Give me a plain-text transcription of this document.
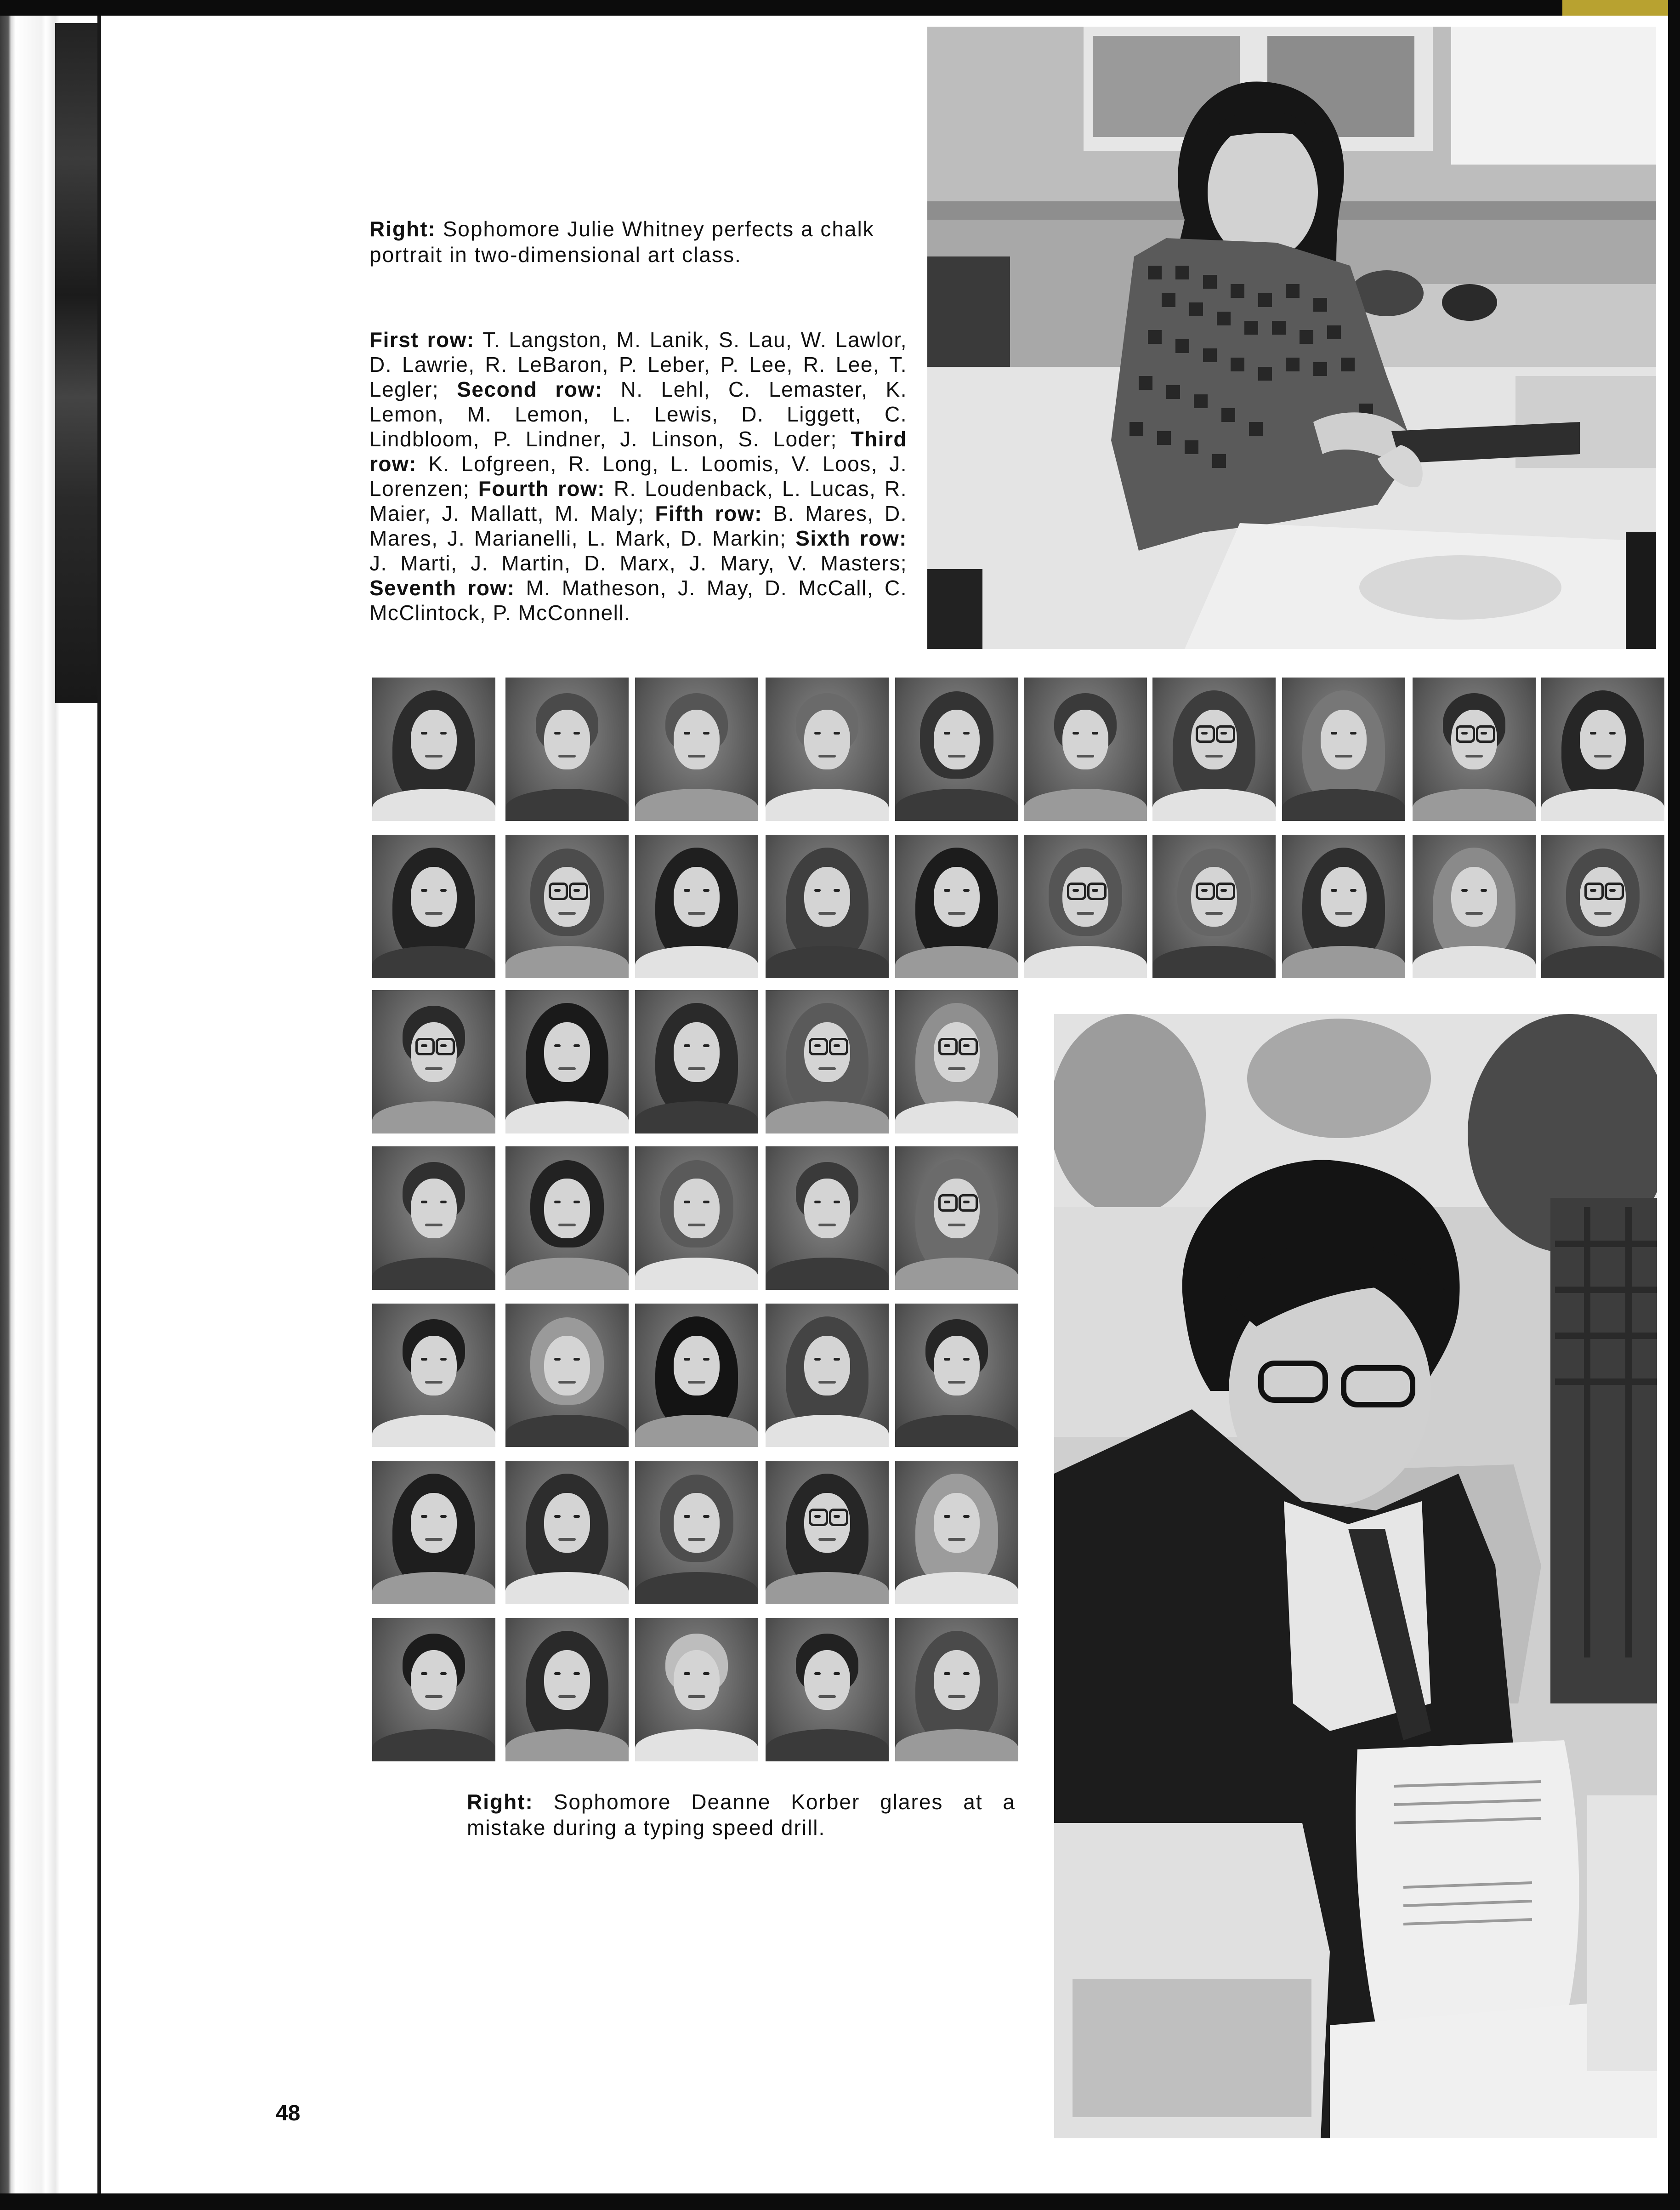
Right: Sophomore Julie Whitney perfects a chalk portrait in two-dimensional art class.

First row: T. Langston, M. Lanik, S. Lau, W. Lawlor, D. Lawrie, R. LeBaron, P. Leber, P. Lee, R. Lee, T. Legler; Second row: N. Lehl, C. Lemaster, K. Lemon, M. Lemon, L. Lewis, D. Liggett, C. Lindbloom, P. Lindner, J. Linson, S. Loder; Third row: K. Lofgreen, R. Long, L. Loomis, V. Loos, J. Lorenzen; Fourth row: R. Loudenback, L. Lucas, R. Maier, J. Mallatt, M. Maly; Fifth row: B. Mares, D. Mares, J. Marianelli, L. Mark, D. Markin; Sixth row: J. Marti, J. Martin, D. Marx, J. Mary, V. Masters; Seventh row: M. Matheson, J. May, D. McCall, C. McClintock, P. McConnell.

Right: Sophomore Deanne Korber glares at a mistake during a typing speed drill.

48
